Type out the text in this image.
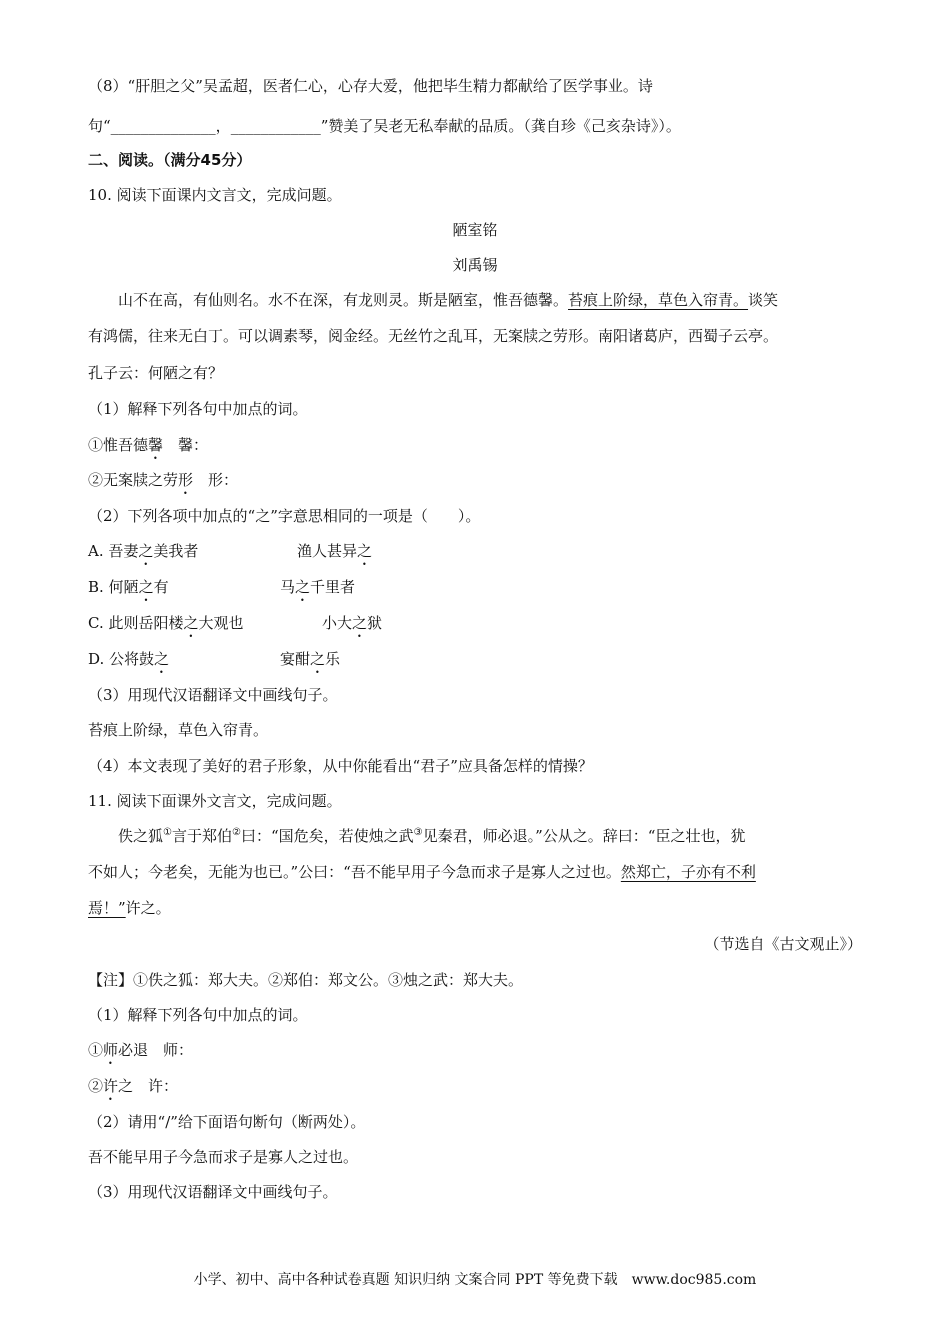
（8）“肝胆之父”吴孟超，医者仁心，心存大爱，他把毕生精力都献给了医学事业。诗
句“______________，____________”赞美了吴老无私奉献的品质。（龚自珍《己亥杂诗》）。
二、阅读。（满分45分）
10. 阅读下面课内文言文，完成问题。
陋室铭
刘禹锡
山不在高，有仙则名。水不在深，有龙则灵。斯是陋室，惟吾德馨。苔痕上阶绿，草色入帘青。谈笑
有鸿儒，往来无白丁。可以调素琴，阅金经。无丝竹之乱耳，无案牍之劳形。南阳诸葛庐，西蜀子云亭。
孔子云：何陋之有？
（1）解释下列各句中加点的词。
①惟吾德馨　馨：
②无案牍之劳形　形：
（2）下列各项中加点的“之”字意思相同的一项是（　　）。
A. 吾妻之美我者	渔人甚异之
B. 何陋之有	马之千里者
C. 此则岳阳楼之大观也	小大之狱
D. 公将鼓之	宴酣之乐
（3）用现代汉语翻译文中画线句子。
苔痕上阶绿，草色入帘青。
（4）本文表现了美好的君子形象，从中你能看出“君子”应具备怎样的情操？
11. 阅读下面课外文言文，完成问题。
佚之狐①言于郑伯②曰：“国危矣，若使烛之武③见秦君，师必退。”公从之。辞曰：“臣之壮也，犹
不如人；今老矣，无能为也已。”公曰：“吾不能早用子今急而求子是寡人之过也。然郑亡，子亦有不利
焉！”许之。
（节选自《古文观止》）
【注】①佚之狐：郑大夫。②郑伯：郑文公。③烛之武：郑大夫。
（1）解释下列各句中加点的词。
①师必退　师：
②许之　许：
（2）请用“/”给下面语句断句（断两处）。
吾不能早用子今急而求子是寡人之过也。
（3）用现代汉语翻译文中画线句子。
小学、初中、高中各种试卷真题 知识归纳 文案合同 PPT 等免费下载　www.doc985.com
